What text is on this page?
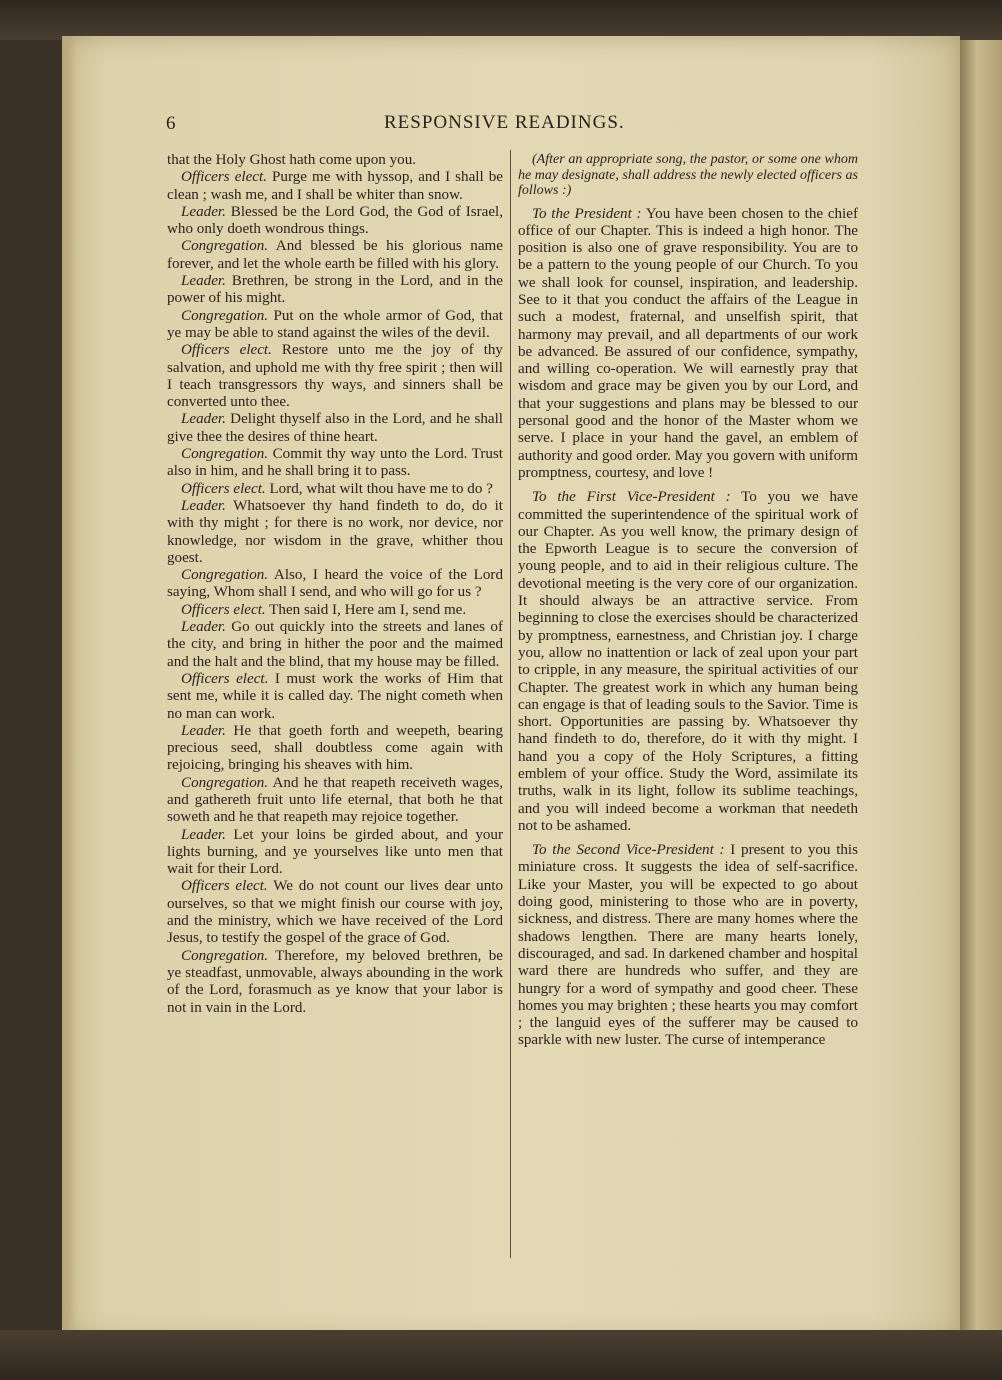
6	RESPONSIVE READINGS.

that the Holy Ghost hath come upon you.

Officers elect. Purge me with hyssop, and I shall be clean ; wash me, and I shall be whiter than snow.

Leader. Blessed be the Lord God, the God of Israel, who only doeth wondrous things.

Congregation. And blessed be his glorious name forever, and let the whole earth be filled with his glory.

Leader. Brethren, be strong in the Lord, and in the power of his might.

Congregation. Put on the whole armor of God, that ye may be able to stand against the wiles of the devil.

Officers elect. Restore unto me the joy of thy salvation, and uphold me with thy free spirit ; then will I teach transgressors thy ways, and sinners shall be converted unto thee.

Leader. Delight thyself also in the Lord, and he shall give thee the desires of thine heart.

Congregation. Commit thy way unto the Lord. Trust also in him, and he shall bring it to pass.

Officers elect. Lord, what wilt thou have me to do ?

Leader. Whatsoever thy hand findeth to do, do it with thy might ; for there is no work, nor device, nor knowledge, nor wisdom in the grave, whither thou goest.

Congregation. Also, I heard the voice of the Lord saying, Whom shall I send, and who will go for us ?

Officers elect. Then said I, Here am I, send me.

Leader. Go out quickly into the streets and lanes of the city, and bring in hither the poor and the maimed and the halt and the blind, that my house may be filled.

Officers elect. I must work the works of Him that sent me, while it is called day. The night cometh when no man can work.

Leader. He that goeth forth and weepeth, bearing precious seed, shall doubtless come again with rejoicing, bringing his sheaves with him.

Congregation. And he that reapeth receiveth wages, and gathereth fruit unto life eternal, that both he that soweth and he that reapeth may rejoice together.

Leader. Let your loins be girded about, and your lights burning, and ye yourselves like unto men that wait for their Lord.

Officers elect. We do not count our lives dear unto ourselves, so that we might finish our course with joy, and the ministry, which we have received of the Lord Jesus, to testify the gospel of the grace of God.

Congregation. Therefore, my beloved brethren, be ye steadfast, unmovable, always abounding in the work of the Lord, forasmuch as ye know that your labor is not in vain in the Lord.

(After an appropriate song, the pastor, or some one whom he may designate, shall address the newly elected officers as follows :)

To the President : You have been chosen to the chief office of our Chapter. This is indeed a high honor. The position is also one of grave responsibility. You are to be a pattern to the young people of our Church. To you we shall look for counsel, inspiration, and leadership. See to it that you conduct the affairs of the League in such a modest, fraternal, and unselfish spirit, that harmony may prevail, and all departments of our work be advanced. Be assured of our confidence, sympathy, and willing co-operation. We will earnestly pray that wisdom and grace may be given you by our Lord, and that your suggestions and plans may be blessed to our personal good and the honor of the Master whom we serve. I place in your hand the gavel, an emblem of authority and good order. May you govern with uniform promptness, courtesy, and love !

To the First Vice-President : To you we have committed the superintendence of the spiritual work of our Chapter. As you well know, the primary design of the Epworth League is to secure the conversion of young people, and to aid in their religious culture. The devotional meeting is the very core of our organization. It should always be an attractive service. From beginning to close the exercises should be characterized by promptness, earnestness, and Christian joy. I charge you, allow no inattention or lack of zeal upon your part to cripple, in any measure, the spiritual activities of our Chapter. The greatest work in which any human being can engage is that of leading souls to the Savior. Time is short. Opportunities are passing by. Whatsoever thy hand findeth to do, therefore, do it with thy might. I hand you a copy of the Holy Scriptures, a fitting emblem of your office. Study the Word, assimilate its truths, walk in its light, follow its sublime teachings, and you will indeed become a workman that needeth not to be ashamed.

To the Second Vice-President : I present to you this miniature cross. It suggests the idea of self-sacrifice. Like your Master, you will be expected to go about doing good, ministering to those who are in poverty, sickness, and distress. There are many homes where the shadows lengthen. There are many hearts lonely, discouraged, and sad. In darkened chamber and hospital ward there are hundreds who suffer, and they are hungry for a word of sympathy and good cheer. These homes you may brighten ; these hearts you may comfort ; the languid eyes of the sufferer may be caused to sparkle with new luster. The curse of intemperance
